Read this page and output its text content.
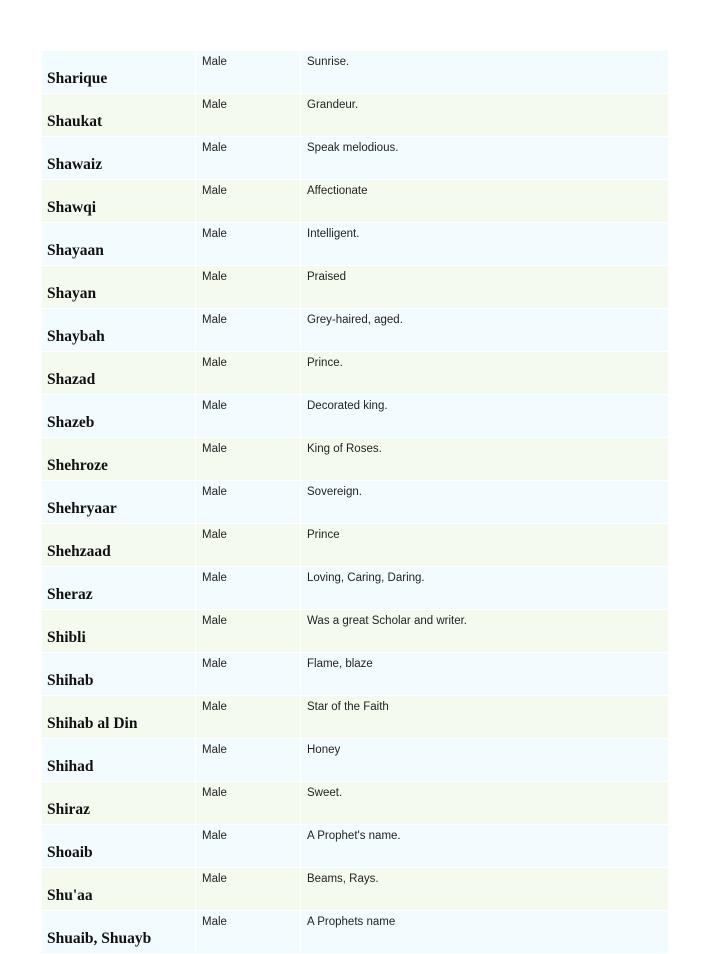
Sharique	Male	Sunrise.
Shaukat	Male	Grandeur.
Shawaiz	Male	Speak melodious.
Shawqi	Male	Affectionate
Shayaan	Male	Intelligent.
Shayan	Male	Praised
Shaybah	Male	Grey-haired, aged.
Shazad	Male	Prince.
Shazeb	Male	Decorated king.
Shehroze	Male	King of Roses.
Shehryaar	Male	Sovereign.
Shehzaad	Male	Prince
Sheraz	Male	Loving, Caring, Daring.
Shibli	Male	Was a great Scholar and writer.
Shihab	Male	Flame, blaze
Shihab al Din	Male	Star of the Faith
Shihad	Male	Honey
Shiraz	Male	Sweet.
Shoaib	Male	A Prophet's name.
Shu'aa	Male	Beams, Rays.
Shuaib, Shuayb	Male	A Prophets name
